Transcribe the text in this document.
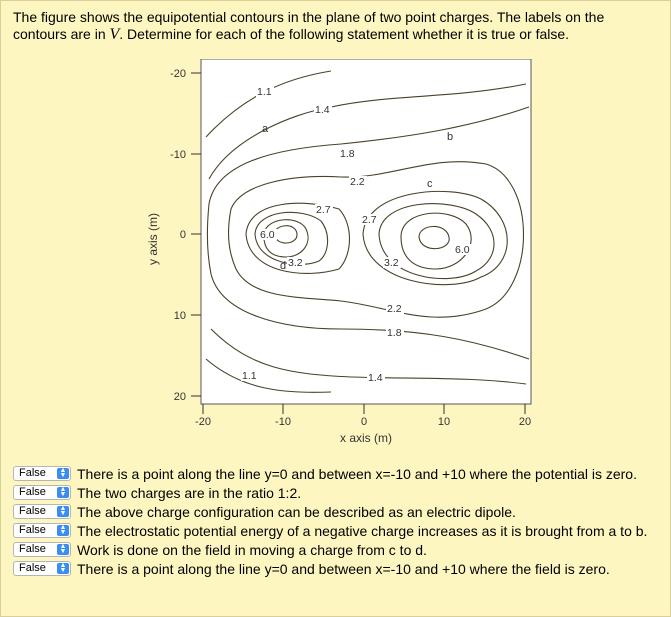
The figure shows the equipotential contours in the plane of two point charges. The labels on the contours are in V. Determine for each of the following statement whether it is true or false.
-20
-10
0
10
20
-20	-10	0	10	20
x axis (m)
y axis (m)
1.1
1.4
1.8
2.2
2.7
2.7
3.2	3.2
6.0
6.0
2.2
1.8
1.4
1.1
a
b
c
d
False	▲
▼ There is a point along the line y=0 and between x=-10 and +10 where the potential is zero.
False	▲
▼ The two charges are in the ratio 1:2.
False	▲
▼ The above charge configuration can be described as an electric dipole.
False	▲
▼ The electrostatic potential energy of a negative charge increases as it is brought from a to b.
False	▲
▼ Work is done on the field in moving a charge from c to d.
False	▲
▼ There is a point along the line y=0 and between x=-10 and +10 where the field is zero.
